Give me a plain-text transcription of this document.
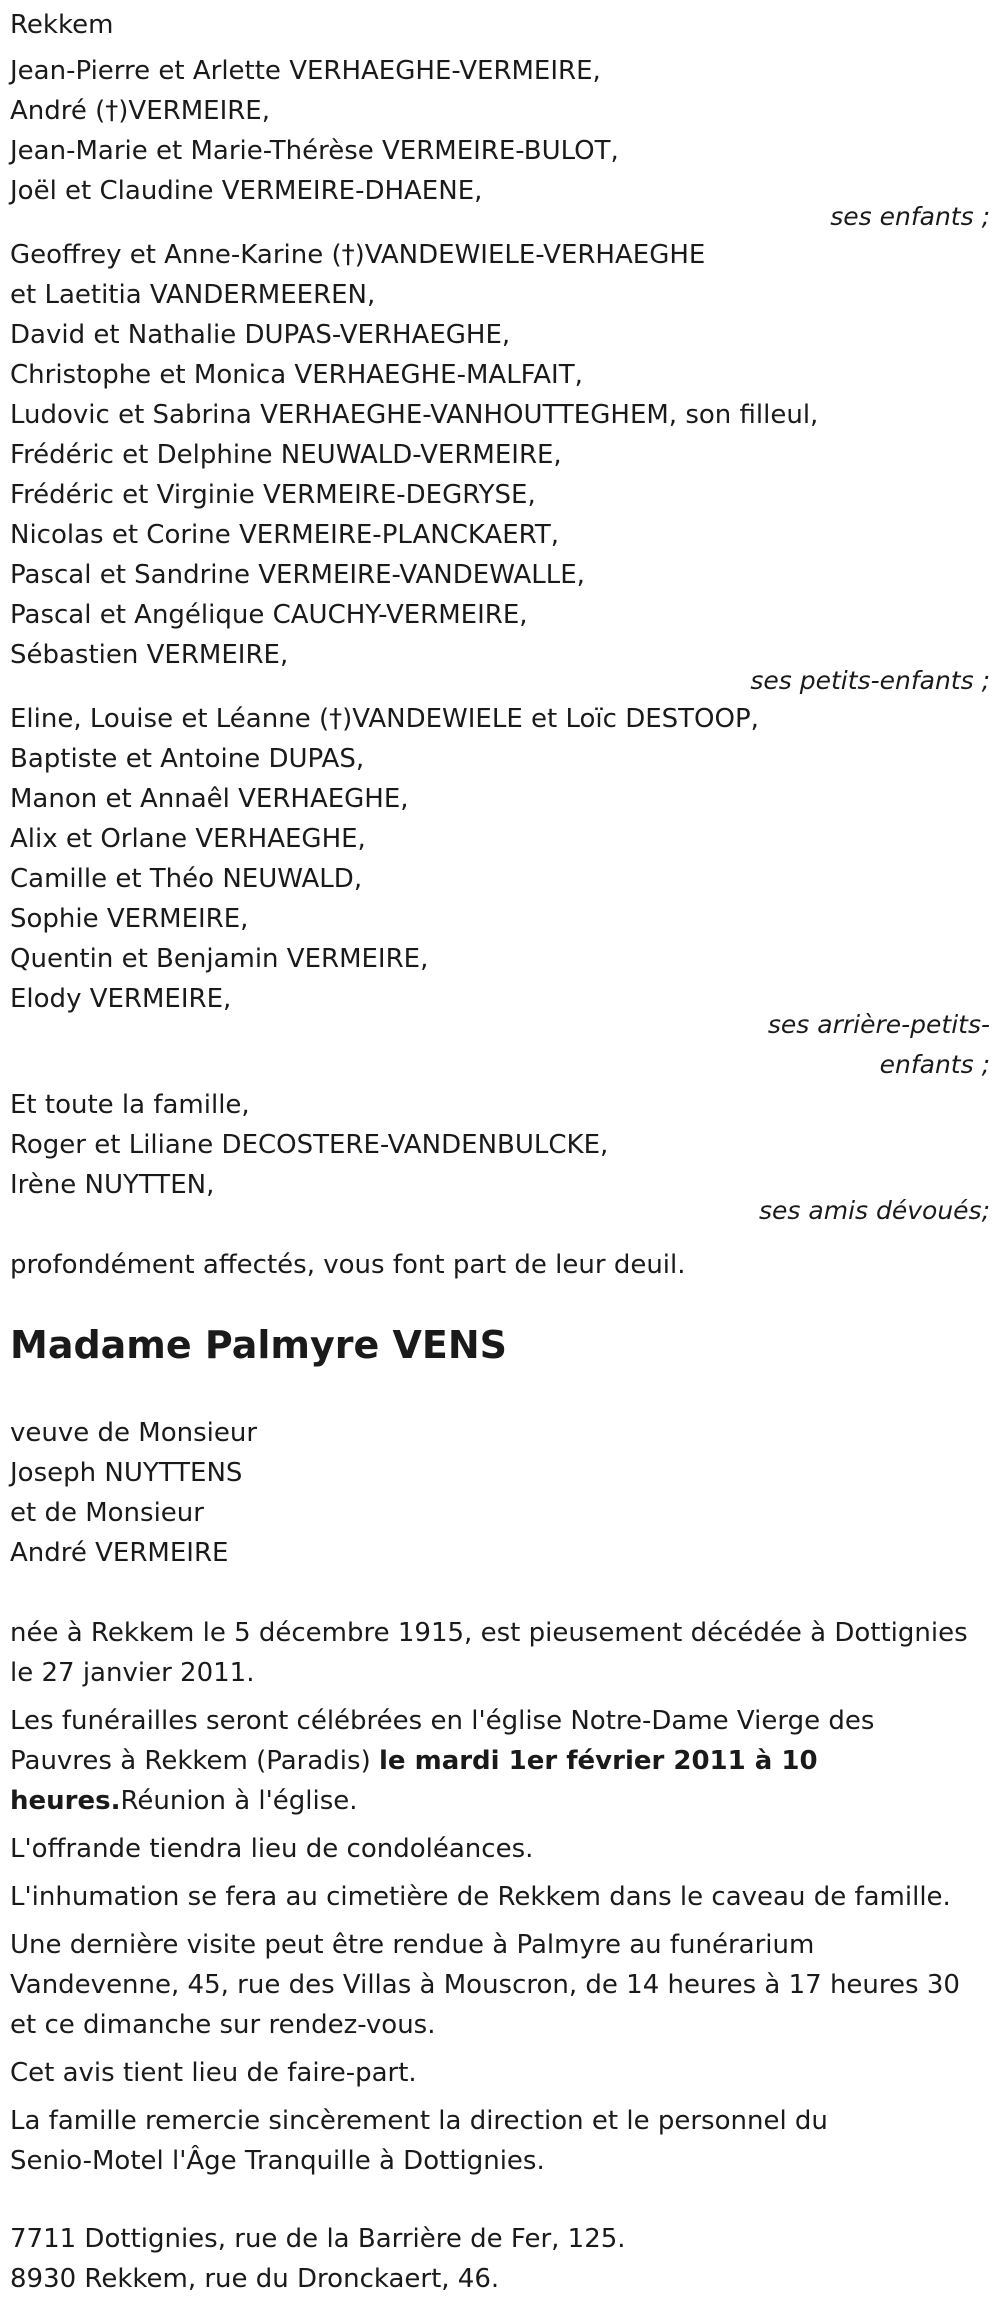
Rekkem
Jean-Pierre et Arlette VERHAEGHE-VERMEIRE,
André (†)VERMEIRE,
Jean-Marie et Marie-Thérèse VERMEIRE-BULOT,
Joël et Claudine VERMEIRE-DHAENE,
ses enfants ;
Geoffrey et Anne-Karine (†)VANDEWIELE-VERHAEGHE
et Laetitia VANDERMEEREN,
David et Nathalie DUPAS-VERHAEGHE,
Christophe et Monica VERHAEGHE-MALFAIT,
Ludovic et Sabrina VERHAEGHE-VANHOUTTEGHEM, son filleul,
Frédéric et Delphine NEUWALD-VERMEIRE,
Frédéric et Virginie VERMEIRE-DEGRYSE,
Nicolas et Corine VERMEIRE-PLANCKAERT,
Pascal et Sandrine VERMEIRE-VANDEWALLE,
Pascal et Angélique CAUCHY-VERMEIRE,
Sébastien VERMEIRE,
ses petits-enfants ;
Eline, Louise et Léanne (†)VANDEWIELE et Loïc DESTOOP,
Baptiste et Antoine DUPAS,
Manon et Annaêl VERHAEGHE,
Alix et Orlane VERHAEGHE,
Camille et Théo NEUWALD,
Sophie VERMEIRE,
Quentin et Benjamin VERMEIRE,
Elody VERMEIRE,
ses arrière-petits-
enfants ;
Et toute la famille,
Roger et Liliane DECOSTERE-VANDENBULCKE,
Irène NUYTTEN,
ses amis dévoués;
profondément affectés, vous font part de leur deuil.
Madame Palmyre VENS
veuve de Monsieur
Joseph NUYTTENS
et de Monsieur
André VERMEIRE
née à Rekkem le 5 décembre 1915, est pieusement décédée à Dottignies
le 27 janvier 2011.
Les funérailles seront célébrées en l'église Notre-Dame Vierge des
Pauvres à Rekkem (Paradis) le mardi 1er février 2011 à 10
heures.Réunion à l'église.
L'offrande tiendra lieu de condoléances.
L'inhumation se fera au cimetière de Rekkem dans le caveau de famille.
Une dernière visite peut être rendue à Palmyre au funérarium
Vandevenne, 45, rue des Villas à Mouscron, de 14 heures à 17 heures 30
et ce dimanche sur rendez-vous.
Cet avis tient lieu de faire-part.
La famille remercie sincèrement la direction et le personnel du
Senio-Motel l'Âge Tranquille à Dottignies.
7711 Dottignies, rue de la Barrière de Fer, 125.
8930 Rekkem, rue du Dronckaert, 46.
